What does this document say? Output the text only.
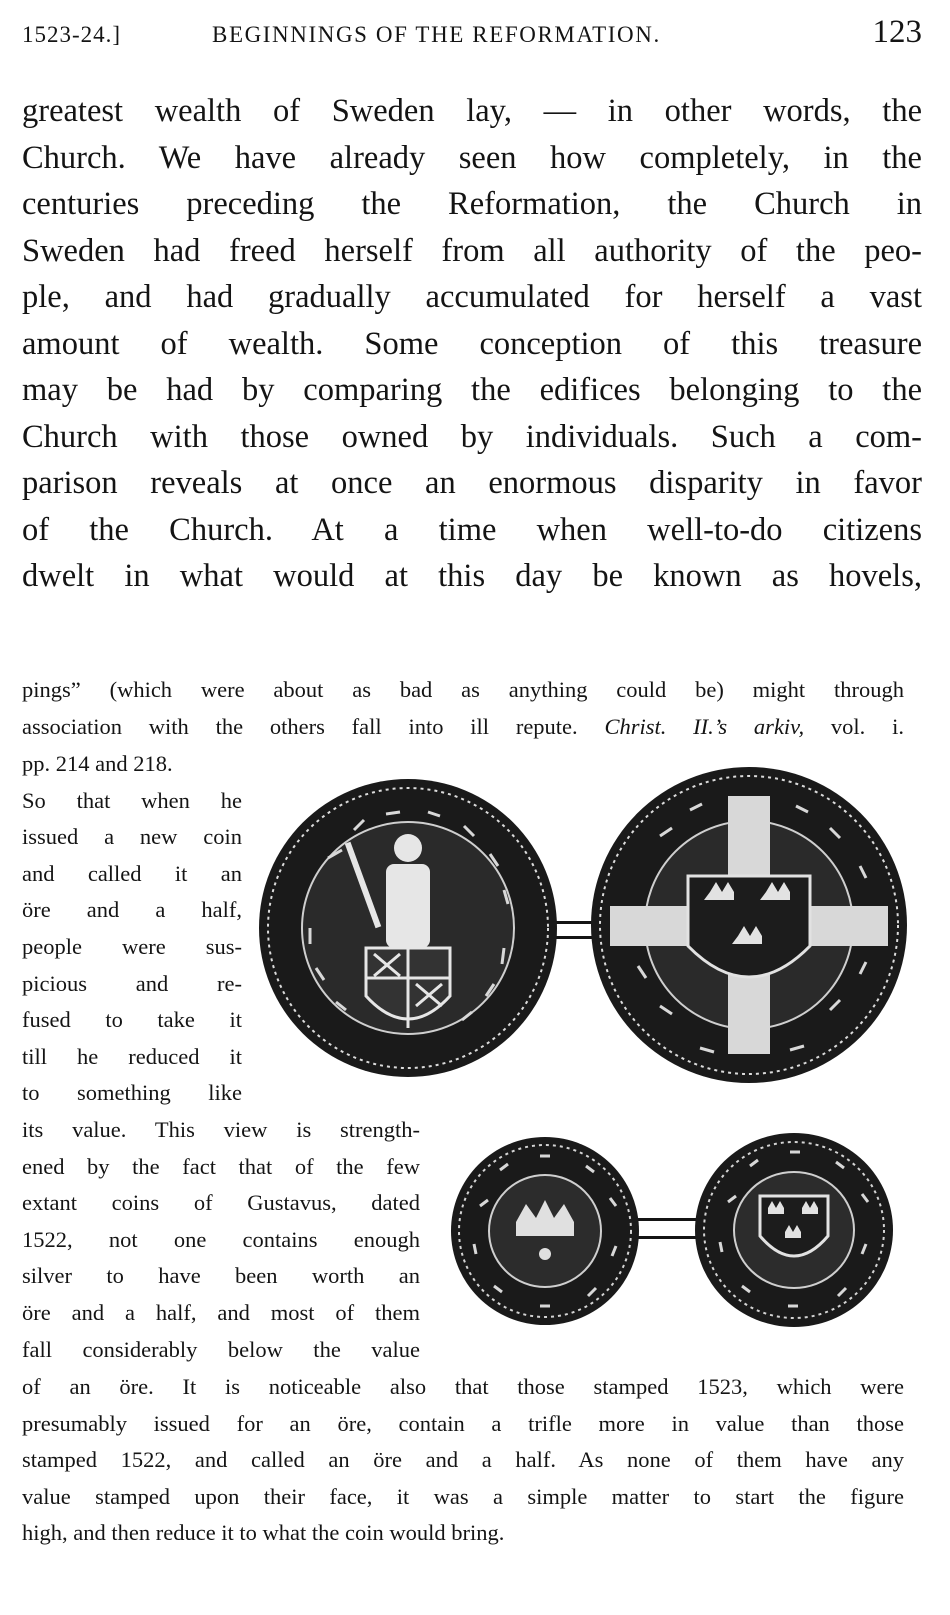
1523-24.]	BEGINNINGS OF THE REFORMATION.	123
greatest wealth of Sweden lay, — in other words, the
Church. We have already seen how completely, in the
centuries preceding the Reformation, the Church in
Sweden had freed herself from all authority of the peo-
ple, and had gradually accumulated for herself a vast
amount of wealth. Some conception of this treasure
may be had by comparing the edifices belonging to the
Church with those owned by individuals. Such a com-
parison reveals at once an enormous disparity in favor
of the Church. At a time when well-to-do citizens
dwelt in what would at this day be known as hovels,
pings” (which were about as bad as anything could be) might through
association with the others fall into ill repute. Christ. II.’s arkiv, vol. i.
pp. 214 and 218.
So that when he
issued a new coin
and called it an
öre and a half,
people were sus-
picious and re-
fused to take it
till he reduced it
to something like
its value. This view is strength-
ened by the fact that of the few
extant coins of Gustavus, dated
1522, not one contains enough
silver to have been worth an
öre and a half, and most of them
fall considerably below the value
of an öre. It is noticeable also that those stamped 1523, which were
presumably issued for an öre, contain a trifle more in value than those
stamped 1522, and called an öre and a half. As none of them have any
value stamped upon their face, it was a simple matter to start the figure
high, and then reduce it to what the coin would bring.
